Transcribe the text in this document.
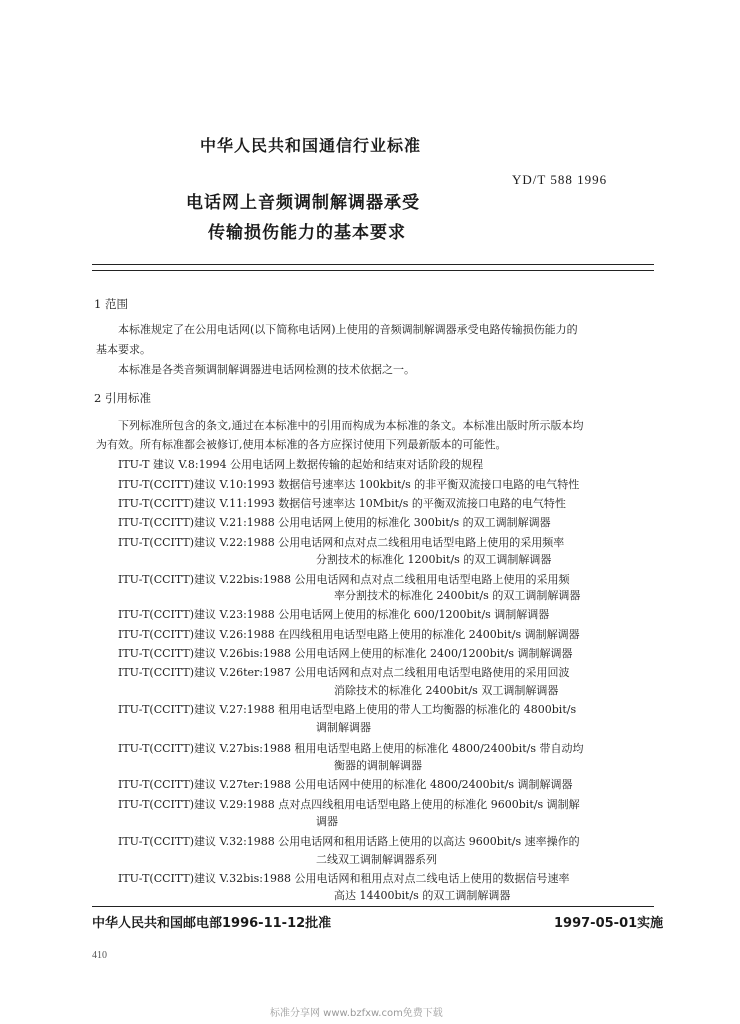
中华人民共和国通信行业标准
YD/T 588 1996
电话网上音频调制解调器承受
传输损伤能力的基本要求
1 范围
本标准规定了在公用电话网(以下简称电话网)上使用的音频调制解调器承受电路传输损伤能力的
基本要求。
本标准是各类音频调制解调器进电话网检测的技术依据之一。
2 引用标准
下列标准所包含的条文,通过在本标准中的引用而构成为本标准的条文。本标准出版时所示版本均
为有效。所有标准都会被修订,使用本标准的各方应探讨使用下列最新版本的可能性。
ITU-T 建议 V.8:1994 公用电话网上数据传输的起始和结束对话阶段的规程
ITU-T(CCITT)建议 V.10:1993 数据信号速率达 100kbit/s 的非平衡双流接口电路的电气特性
ITU-T(CCITT)建议 V.11:1993 数据信号速率达 10Mbit/s 的平衡双流接口电路的电气特性
ITU-T(CCITT)建议 V.21:1988 公用电话网上使用的标准化 300bit/s 的双工调制解调器
ITU-T(CCITT)建议 V.22:1988 公用电话网和点对点二线租用电话型电路上使用的采用频率
分割技术的标准化 1200bit/s 的双工调制解调器
ITU-T(CCITT)建议 V.22bis:1988 公用电话网和点对点二线租用电话型电路上使用的采用频
率分割技术的标准化 2400bit/s 的双工调制解调器
ITU-T(CCITT)建议 V.23:1988 公用电话网上使用的标准化 600/1200bit/s 调制解调器
ITU-T(CCITT)建议 V.26:1988 在四线租用电话型电路上使用的标准化 2400bit/s 调制解调器
ITU-T(CCITT)建议 V.26bis:1988 公用电话网上使用的标准化 2400/1200bit/s 调制解调器
ITU-T(CCITT)建议 V.26ter:1987 公用电话网和点对点二线租用电话型电路使用的采用回波
消除技术的标准化 2400bit/s 双工调制解调器
ITU-T(CCITT)建议 V.27:1988 租用电话型电路上使用的带人工均衡器的标准化的 4800bit/s
调制解调器
ITU-T(CCITT)建议 V.27bis:1988 租用电话型电路上使用的标准化 4800/2400bit/s 带自动均
衡器的调制解调器
ITU-T(CCITT)建议 V.27ter:1988 公用电话网中使用的标准化 4800/2400bit/s 调制解调器
ITU-T(CCITT)建议 V.29:1988 点对点四线租用电话型电路上使用的标准化 9600bit/s 调制解
调器
ITU-T(CCITT)建议 V.32:1988 公用电话网和租用话路上使用的以高达 9600bit/s 速率操作的
二线双工调制解调器系列
ITU-T(CCITT)建议 V.32bis:1988 公用电话网和租用点对点二线电话上使用的数据信号速率
高达 14400bit/s 的双工调制解调器
中华人民共和国邮电部1996-11-12批准	1997-05-01实施
410
标准分享网 www.bzfxw.com免费下载
